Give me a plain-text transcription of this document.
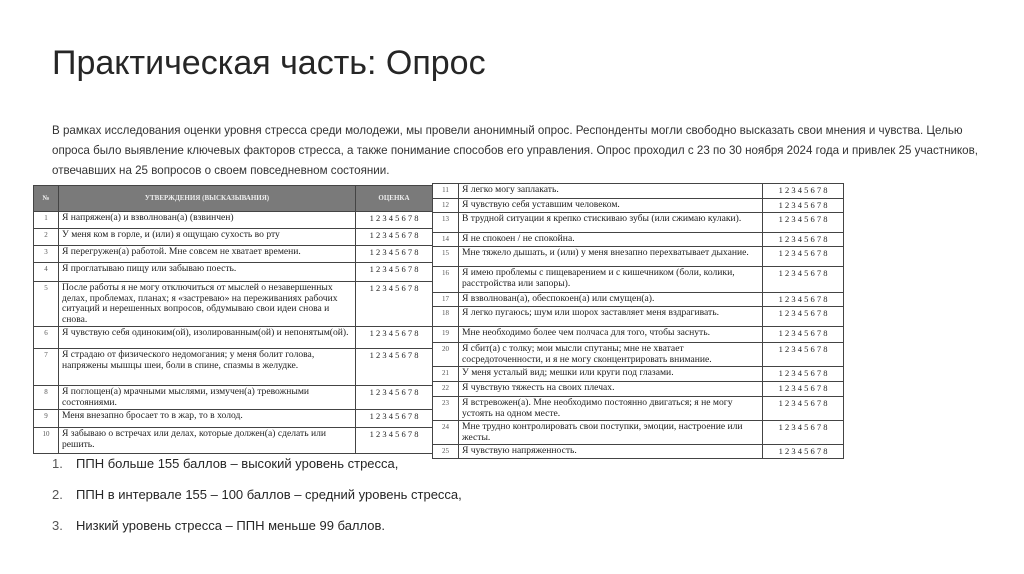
Практическая часть: Опрос
В рамках исследования оценки уровня стресса среди молодежи, мы провели анонимный опрос. Респонденты могли свободно высказать свои мнения и чувства. Целью опроса было выявление ключевых факторов стресса, а также понимание способов его управления. Опрос проходил с 23 по 30 ноября 2024 года и привлек 25 участников, отвечавших на 25 вопросов о своем повседневном состоянии.
№	УТВЕРЖДЕНИЯ (ВЫСКАЗЫВАНИЯ)	ОЦЕНКА
1	Я напряжен(а) и взволнован(а) (взвинчен)	1 2 3 4 5 6 7 8
2	У меня ком в горле, и (или) я ощущаю сухость во рту	1 2 3 4 5 6 7 8
3	Я перегружен(а) работой. Мне совсем не хватает времени.	1 2 3 4 5 6 7 8
4	Я проглатываю пищу или забываю поесть.	1 2 3 4 5 6 7 8
5	После работы я не могу отключиться от мыслей о незавершенных делах, проблемах, планах; я «застреваю» на переживаниях рабочих ситуаций и нерешенных вопросов, обдумываю свои идеи снова и снова.	1 2 3 4 5 6 7 8
6	Я чувствую себя одиноким(ой), изолированным(ой) и непонятым(ой).	1 2 3 4 5 6 7 8
7	Я страдаю от физического недомогания; у меня болит голова, напряжены мышцы шеи, боли в спине, спазмы в желудке.	1 2 3 4 5 6 7 8
8	Я поглощен(а) мрачными мыслями, измучен(а) тревожными состояниями.	1 2 3 4 5 6 7 8
9	Меня внезапно бросает то в жар, то в холод.	1 2 3 4 5 6 7 8
10	Я забываю о встречах или делах, которые должен(а) сделать или решить.	1 2 3 4 5 6 7 8
11	Я легко могу заплакать.	1 2 3 4 5 6 7 8
12	Я чувствую себя уставшим человеком.	1 2 3 4 5 6 7 8
13	В трудной ситуации я крепко стискиваю зубы (или сжимаю кулаки).	1 2 3 4 5 6 7 8
14	Я не спокоен / не спокойна.	1 2 3 4 5 6 7 8
15	Мне тяжело дышать, и (или) у меня внезапно перехватывает дыхание.	1 2 3 4 5 6 7 8
16	Я имею проблемы с пищеварением и с кишечником (боли, колики, расстройства или запоры).	1 2 3 4 5 6 7 8
17	Я взволнован(а), обеспокоен(а) или смущен(а).	1 2 3 4 5 6 7 8
18	Я легко пугаюсь; шум или шорох заставляет меня вздрагивать.	1 2 3 4 5 6 7 8
19	Мне необходимо более чем полчаса для того, чтобы заснуть.	1 2 3 4 5 6 7 8
20	Я сбит(а) с толку; мои мысли спутаны; мне не хватает сосредоточенности, и я не могу сконцентрировать внимание.	1 2 3 4 5 6 7 8
21	У меня усталый вид; мешки или круги под глазами.	1 2 3 4 5 6 7 8
22	Я чувствую тяжесть на своих плечах.	1 2 3 4 5 6 7 8
23	Я встревожен(а). Мне необходимо постоянно двигаться; я не могу устоять на одном месте.	1 2 3 4 5 6 7 8
24	Мне трудно контролировать свои поступки, эмоции, настроение или жесты.	1 2 3 4 5 6 7 8
25	Я чувствую напряженность.	1 2 3 4 5 6 7 8
1. ППН больше 155 баллов – высокий уровень стресса,
2. ППН в интервале 155 – 100 баллов – средний уровень стресса,
3. Низкий уровень стресса – ППН меньше 99 баллов.
